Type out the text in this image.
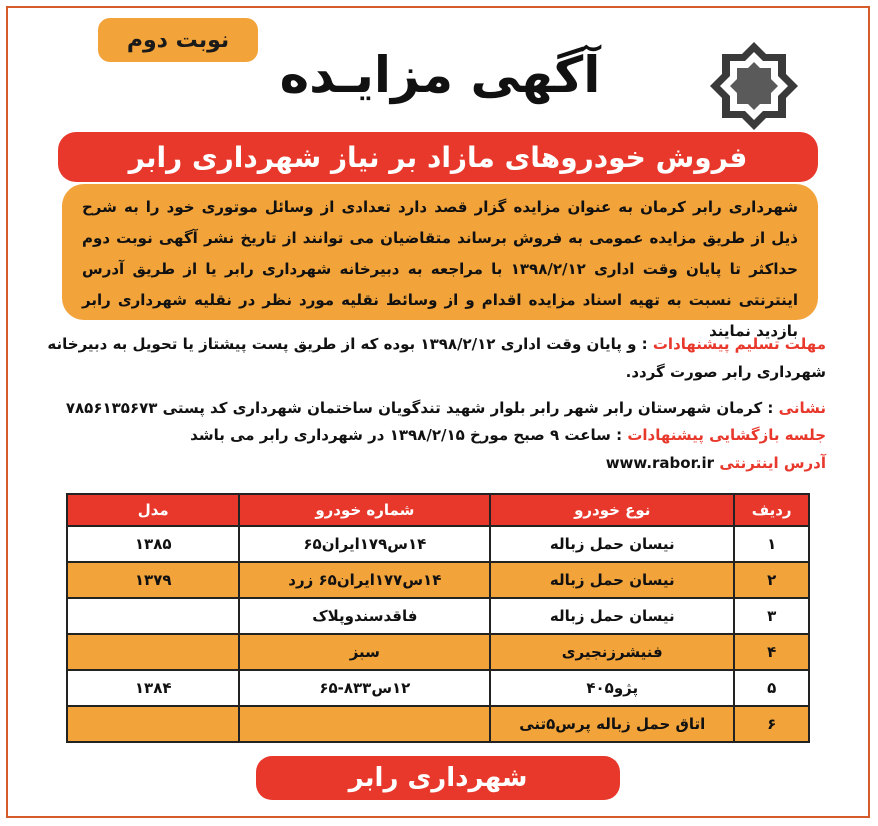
نوبت دوم
آگهی مزایـده
فروش خودروهای مازاد بر نیاز شهرداری رابر
شهرداری رابر کرمان به عنوان مزایده گزار قصد دارد تعدادی از وسائل موتوری خود را به شرح ذیل از طریق مزایده عمومی به فروش برساند متقاضیان می توانند از تاریخ نشر آگهی نوبت دوم حداکثر تا پایان وقت اداری ۱۳۹۸/۲/۱۲ با مراجعه به دبیرخانه شهرداری رابر یا از طریق آدرس اینترنتی نسبت به تهیه اسناد مزایده اقدام و از وسائط نقلیه مورد نظر در نقلیه شهرداری رابر بازدید نمایند
مهلت تسلیم پیشنهادات : و پایان وقت اداری ۱۳۹۸/۲/۱۲ بوده که از طریق پست پیشتاز یا تحویل به دبیرخانه شهرداری رابر صورت گردد.
نشانی : کرمان شهرستان رابر شهر رابر بلوار شهید تندگویان ساختمان شهرداری کد پستی ۷۸۵۶۱۳۵۶۷۳
جلسه بازگشایی پیشنهادات : ساعت ۹ صبح مورخ ۱۳۹۸/۲/۱۵ در شهرداری رابر می باشد
آدرس اینترنتی www.rabor.ir
ردیف	نوع خودرو	شماره خودرو	مدل
۱	نیسان حمل زباله	۱۴س۱۷۹ایران۶۵	۱۳۸۵
۲	نیسان حمل زباله	۱۴س۱۷۷ایران۶۵ زرد	۱۳۷۹
۳	نیسان حمل زباله	فاقدسندوپلاک	
۴	فنیشرزنجیری	سبز	
۵	پژو۴۰۵	۱۲س۸۳۳-۶۵	۱۳۸۴
۶	اتاق حمل زباله پرس۵تنی		
شهرداری رابر
